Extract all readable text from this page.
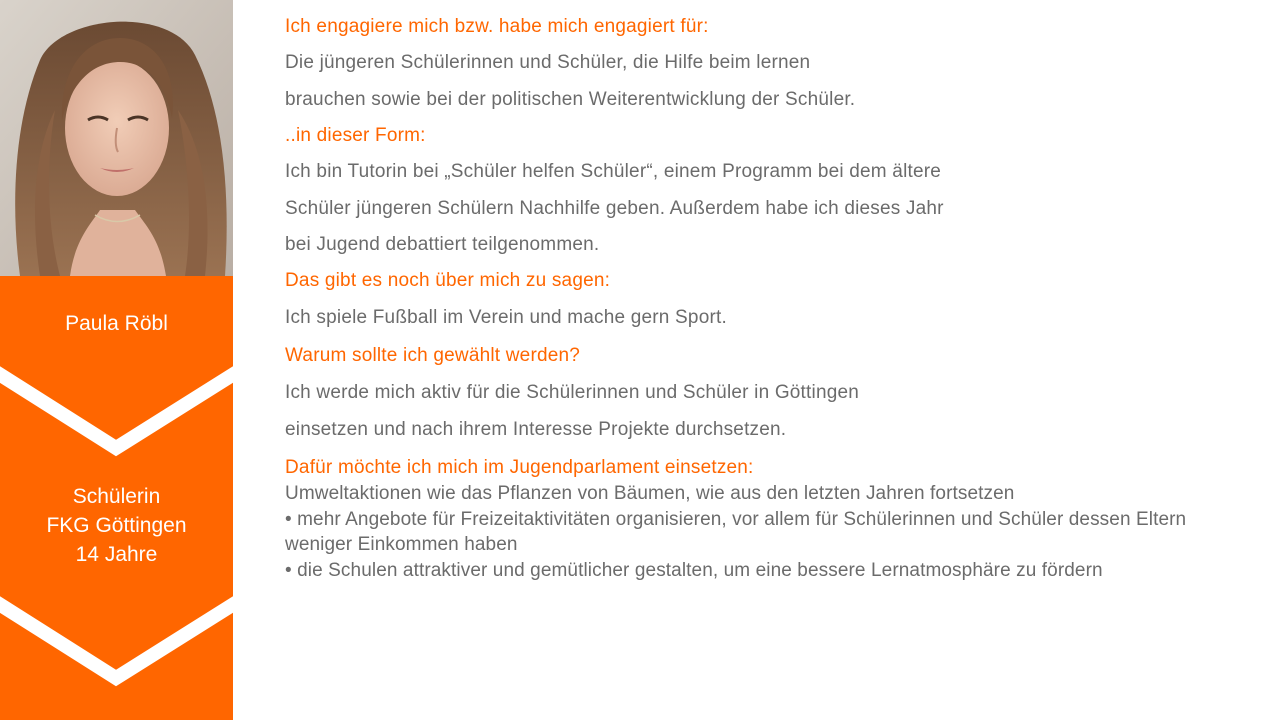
Paula Röbl
Schülerin
FKG Göttingen
14 Jahre
Ich engagiere mich bzw. habe mich engagiert für:
Die jüngeren Schülerinnen und Schüler, die Hilfe beim lernen
brauchen sowie bei der politischen Weiterentwicklung der Schüler.
..in dieser Form:
Ich bin Tutorin bei „Schüler helfen Schüler“, einem Programm bei dem ältere
Schüler jüngeren Schülern Nachhilfe geben. Außerdem habe ich dieses Jahr
bei Jugend debattiert teilgenommen.
Das gibt es noch über mich zu sagen:
Ich spiele Fußball im Verein und mache gern Sport.
Warum sollte ich gewählt werden?
Ich werde mich aktiv für die Schülerinnen und Schüler in Göttingen
einsetzen und nach ihrem Interesse Projekte durchsetzen.
Dafür möchte ich mich im Jugendparlament einsetzen:

Umweltaktionen wie das Pflanzen von Bäumen, wie aus den letzten Jahren fortsetzen

• mehr Angebote für Freizeitaktivitäten organisieren, vor allem für Schülerinnen und Schüler dessen Eltern weniger Einkommen haben

• die Schulen attraktiver und gemütlicher gestalten, um eine bessere Lernatmosphäre zu fördern
